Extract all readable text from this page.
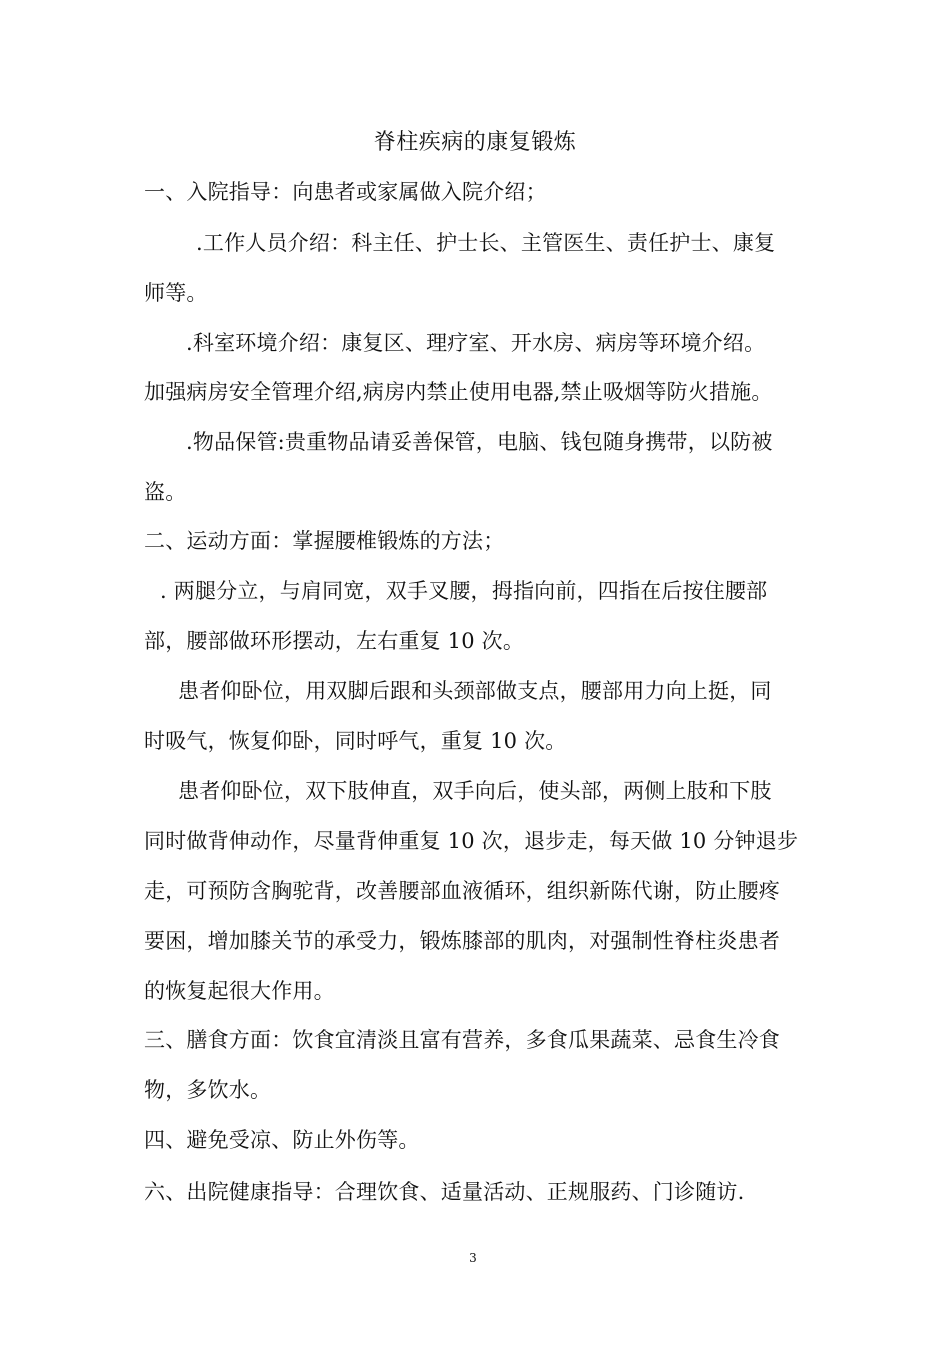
脊柱疾病的康复锻炼
一、入院指导：向患者或家属做入院介绍；
.工作人员介绍：科主任、护士长、主管医生、责任护士、康复
师等。
.科室环境介绍：康复区、理疗室、开水房、病房等环境介绍。
加强病房安全管理介绍,病房内禁止使用电器,禁止吸烟等防火措施。
.物品保管:贵重物品请妥善保管，电脑、钱包随身携带，以防被
盗。
二、运动方面：掌握腰椎锻炼的方法；
. 两腿分立，与肩同宽，双手叉腰，拇指向前，四指在后按住腰部
部，腰部做环形摆动，左右重复 10 次。
患者仰卧位，用双脚后跟和头颈部做支点，腰部用力向上挺，同
时吸气，恢复仰卧，同时呼气，重复 10 次。
患者仰卧位，双下肢伸直，双手向后，使头部，两侧上肢和下肢
同时做背伸动作，尽量背伸重复 10 次，退步走，每天做 10 分钟退步
走，可预防含胸驼背，改善腰部血液循环，组织新陈代谢，防止腰疼
要困，增加膝关节的承受力，锻炼膝部的肌肉，对强制性脊柱炎患者
的恢复起很大作用。
三、膳食方面：饮食宜清淡且富有营养，多食瓜果蔬菜、忌食生冷食
物，多饮水。
四、避免受凉、防止外伤等。
六、出院健康指导：合理饮食、适量活动、正规服药、门诊随访.
3
